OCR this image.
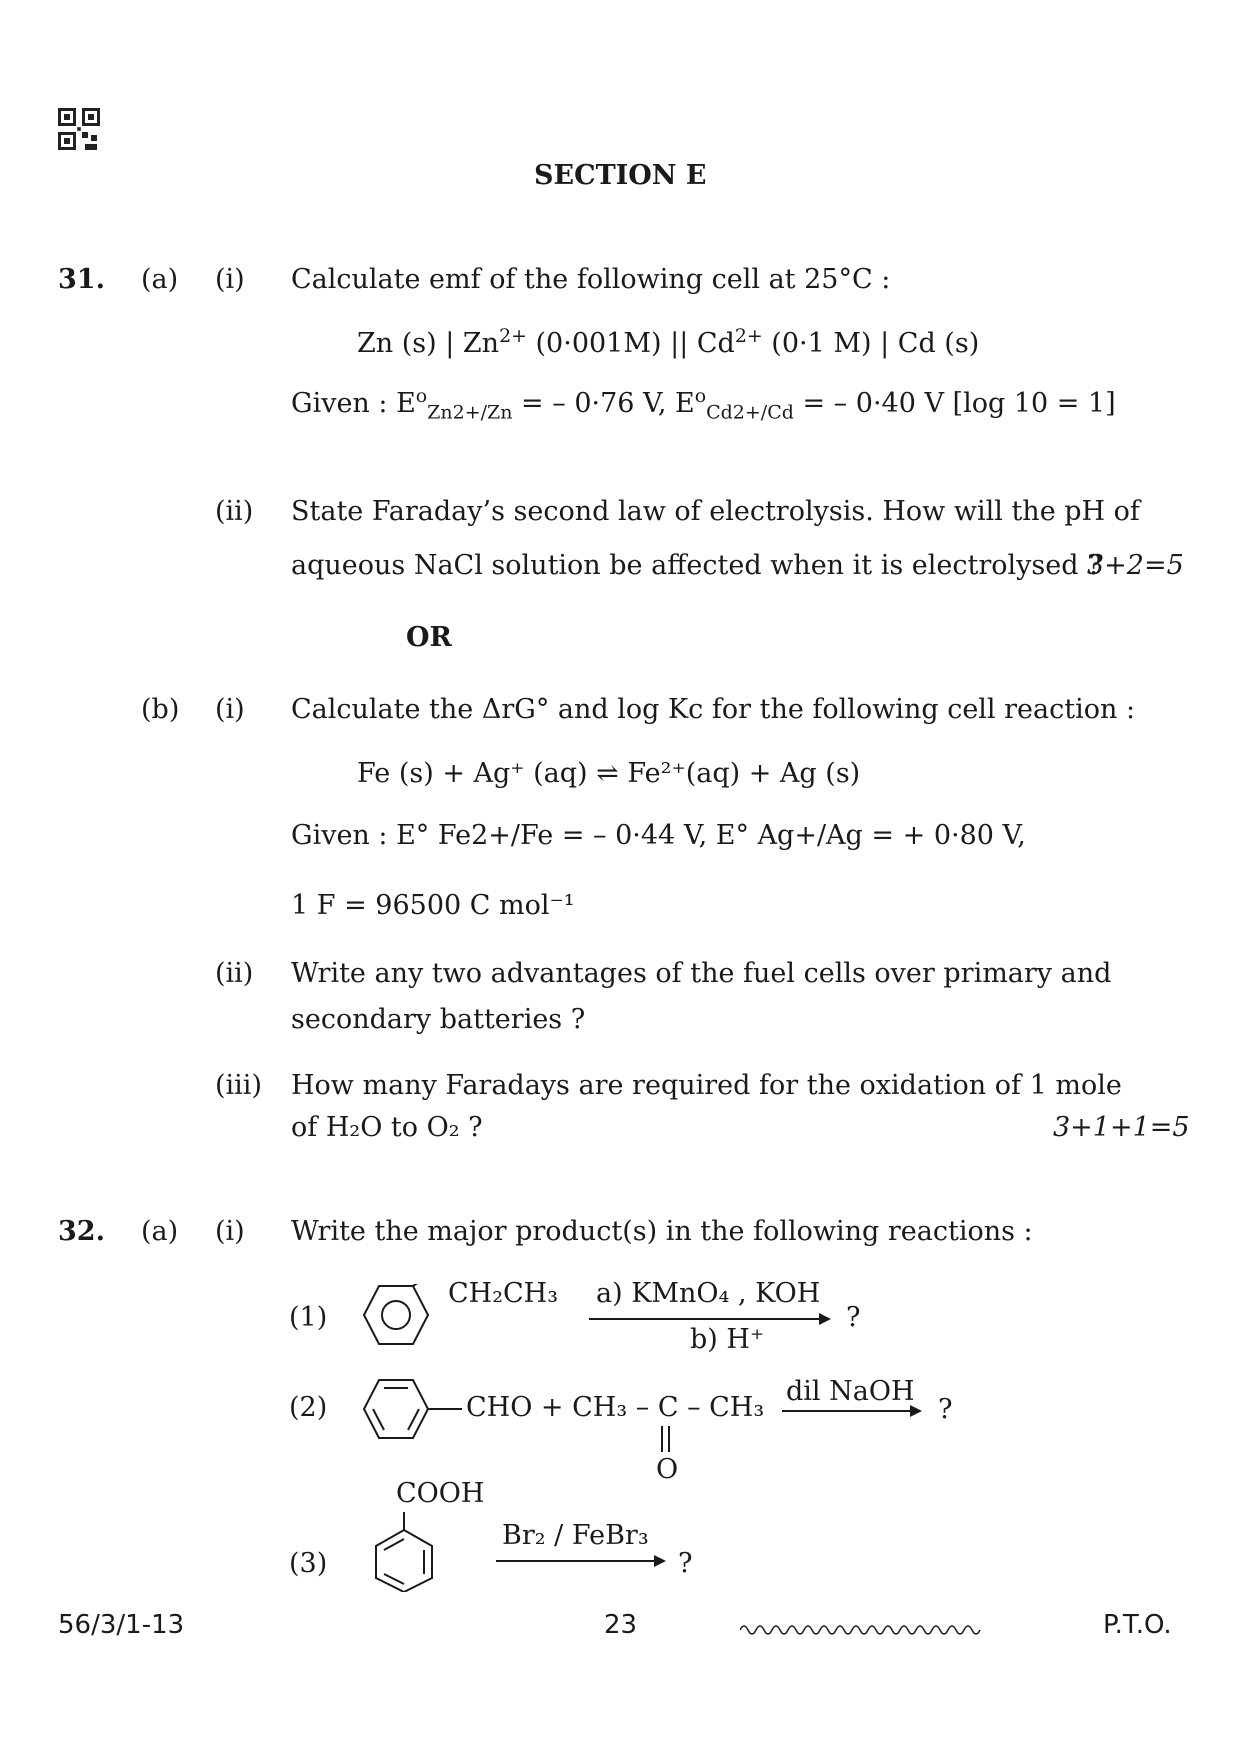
SECTION E
31. (a) (i) Calculate emf of the following cell at 25°C :
Zn (s) | $Zn^{2+}$ (0·001M) || $Cd^{2+}$ (0·1 M) | Cd (s)
Given : $E^o_{Zn2+/Zn}$ = – 0·76 V, $E^o_{Cd2+/Cd}$ = – 0·40 V [log 10 = 1]
(ii) State Faraday’s second law of electrolysis. How will the pH of
aqueous NaCl solution be affected when it is electrolysed ?
3+2=5
OR
(b) (i) Calculate the ΔrG° and log Kc for the following cell reaction :
Fe (s) + Ag⁺ (aq) ⇌ Fe²⁺(aq) + Ag (s)
Given : E° Fe2+/Fe = – 0·44 V, E° Ag+/Ag = + 0·80 V,
1 F = 96500 C mol⁻¹
(ii) Write any two advantages of the fuel cells over primary and
secondary batteries ?
(iii) How many Faradays are required for the oxidation of 1 mole
of H₂O to O₂ ?	3+1+1=5
32. (a) (i) Write the major product(s) in the following reactions :
(1)
CH₂CH₃ a) KMnO₄ , KOH
b) H⁺
?
(2)	CHO + CH₃ – C – CH₃
O
dil NaOH
?
COOH
(3)
Br₂ / FeBr₃
?
56/3/1-13	23	P.T.O.
